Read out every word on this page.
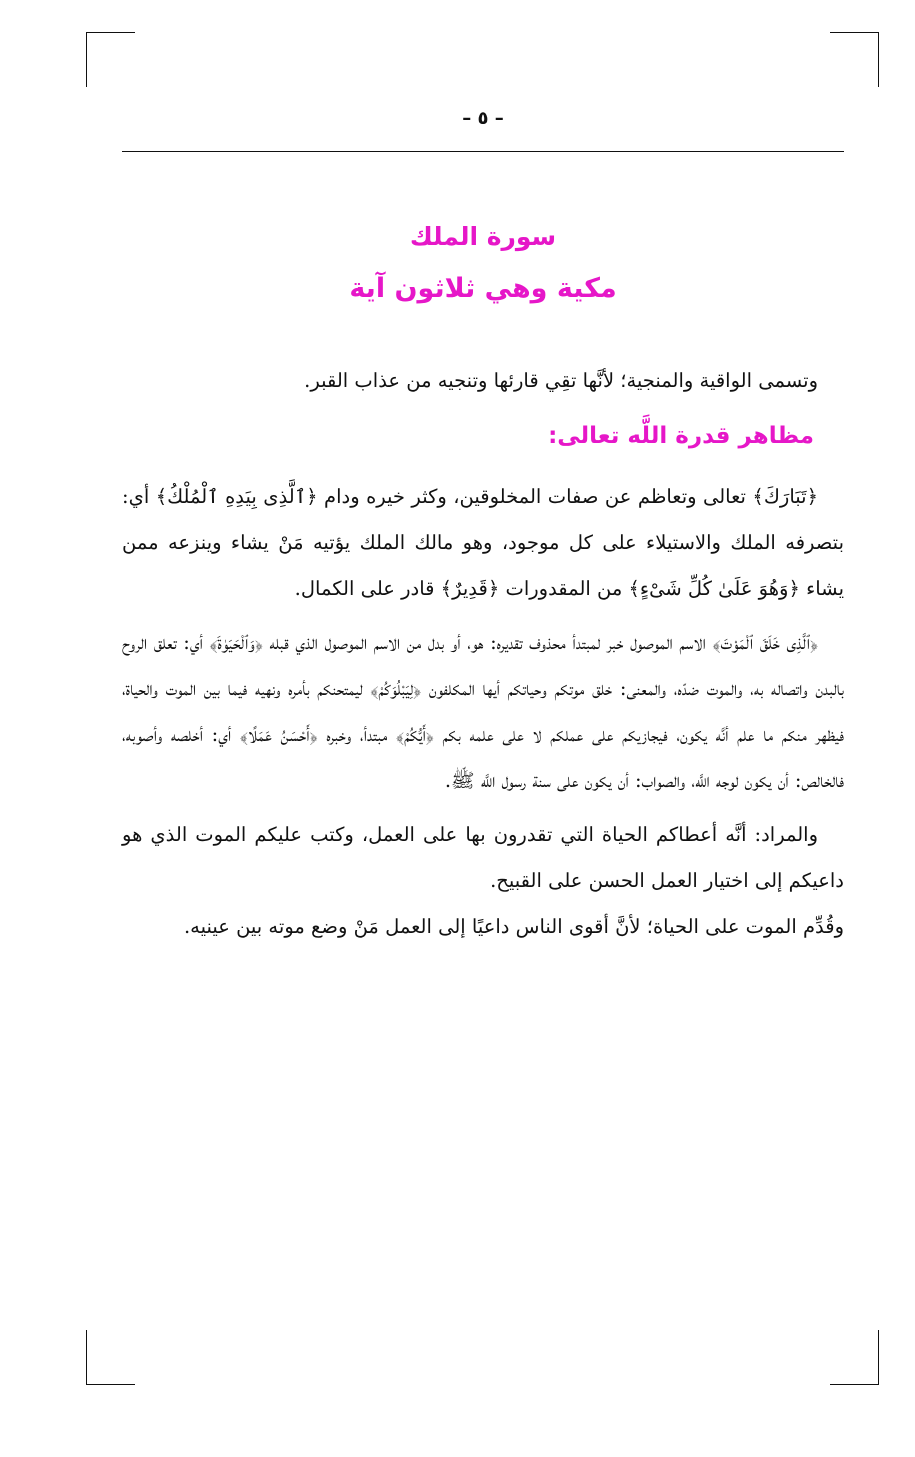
– ٥ –
سورة الملك
مكية وهي ثلاثون آية

وتسمى الواقية والمنجية؛ لأنَّها تقِي قارئها وتنجيه من عذاب القبر.

مظاهر قدرة اللَّه تعالى:

﴿تَبَارَكَ﴾ تعالى وتعاظم عن صفات المخلوقين، وكثر خيره ودام ﴿ٱلَّذِى بِيَدِهِ ٱلْمُلْكُ﴾ أي: بتصرفه الملك والاستيلاء على كل موجود، وهو مالك الملك يؤتيه مَنْ يشاء وينزعه ممن يشاء ﴿وَهُوَ عَلَىٰ كُلِّ شَىْءٍ﴾ من المقدورات ﴿قَدِيرٌ﴾ قادر على الكمال.

﴿ٱلَّذِى خَلَقَ ٱلْمَوْتَ﴾ الاسم الموصول خبر لمبتدأ محذوف تقديره: هو، أو بدل من الاسم الموصول الذي قبله ﴿وَٱلْحَيَوٰةَ﴾ أي: تعلق الروح بالبدن واتصاله به، والموت ضدّه، والمعنى: خلق موتكم وحياتكم أيها المكلفون ﴿لِيَبْلُوَكُمْ﴾ ليمتحنكم بأمره ونهيه فيما بين الموت والحياة، فيظهر منكم ما علم أنَّه يكون، فيجازيكم على عملكم لا على علمه بكم ﴿أَيُّكُمْ﴾ مبتدأ، وخبره ﴿أَحْسَنُ عَمَلًا﴾ أي: أخلصه وأصوبه، فالخالص: أن يكون لوجه اللَّه، والصواب: أن يكون على سنة رسول اللَّه ﷺ.

والمراد: أنَّه أعطاكم الحياة التي تقدرون بها على العمل، وكتب عليكم الموت الذي هو داعيكم إلى اختيار العمل الحسن على القبيح.

وقُدِّم الموت على الحياة؛ لأنَّ أقوى الناس داعيًا إلى العمل مَنْ وضع موته بين عينيه.
